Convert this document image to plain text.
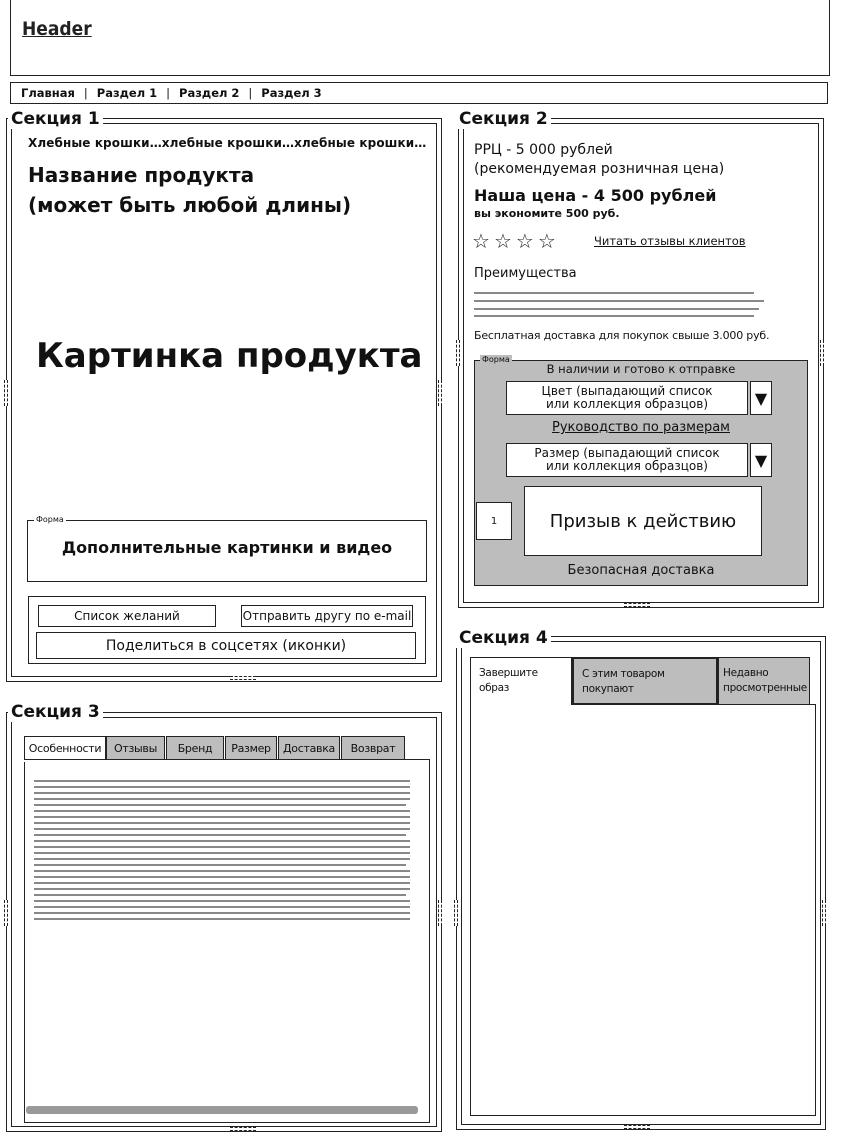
Header
Главная | Раздел 1 | Раздел 2 | Раздел 3
Секция 1
Хлебные крошки…хлебные крошки…хлебные крошки…
Название продукта
(может быть любой длины)
Картинка продукта
Форма
Дополнительные картинки и видео
Список желаний	Отправить другу по e-mail
Поделиться в соцсетях (иконки)
Секция 2
РРЦ - 5 000 рублей
(рекомендуемая розничная цена)
Наша цена - 4 500 рублей
вы экономите 500 руб.
☆ ☆ ☆ ☆	Читать отзывы клиентов
Преимущества
Бесплатная доставка для покупок свыше 3.000 руб.
Форма
В наличии и готово к отправке
Цвет (выпадающий список
или коллекция образцов)	▼
Руководство по размерам
Размер (выпадающий список
или коллекция образцов)	▼
1	Призыв к действию
Безопасная доставка
Секция 3
Особенности	Отзывы	Бренд	Размер	Доставка	Возврат
Секция 4
Завершите
образ
С этим товаром
покупают
Недавно
просмотренные
